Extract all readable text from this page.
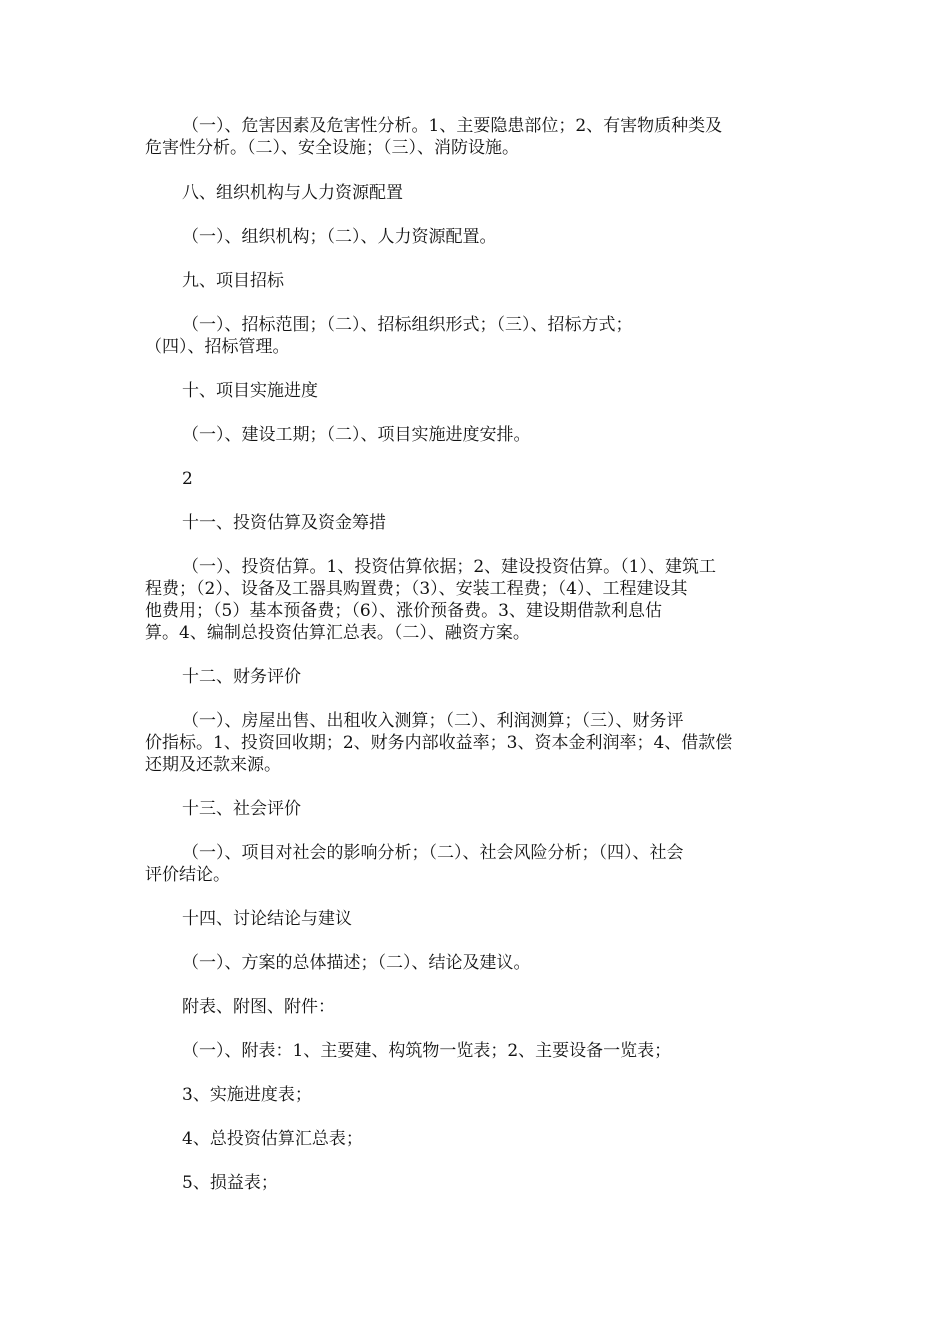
（一）、危害因素及危害性分析。1、主要隐患部位；2、有害物质种类及
危害性分析。（二）、安全设施；（三）、消防设施。

八、组织机构与人力资源配置

（一）、组织机构；（二）、人力资源配置。

九、项目招标

（一）、招标范围；（二）、招标组织形式；（三）、招标方式；
（四）、招标管理。

十、项目实施进度

（一）、建设工期；（二）、项目实施进度安排。

2

十一、投资估算及资金筹措

（一）、投资估算。1、投资估算依据；2、建设投资估算。（1）、建筑工
程费；（2）、设备及工器具购置费；（3）、安装工程费；（4）、工程建设其
他费用；（5）基本预备费；（6）、涨价预备费。3、建设期借款利息估
算。4、编制总投资估算汇总表。（二）、融资方案。

十二、财务评价

（一）、房屋出售、出租收入测算；（二）、利润测算；（三）、财务评
价指标。1、投资回收期；2、财务内部收益率；3、资本金利润率；4、借款偿
还期及还款来源。

十三、社会评价

（一）、项目对社会的影响分析；（二）、社会风险分析；（四）、社会
评价结论。

十四、讨论结论与建议

（一）、方案的总体描述；（二）、结论及建议。

附表、附图、附件：

（一）、附表：1、主要建、构筑物一览表；2、主要设备一览表；

3、实施进度表；

4、总投资估算汇总表；

5、损益表；
